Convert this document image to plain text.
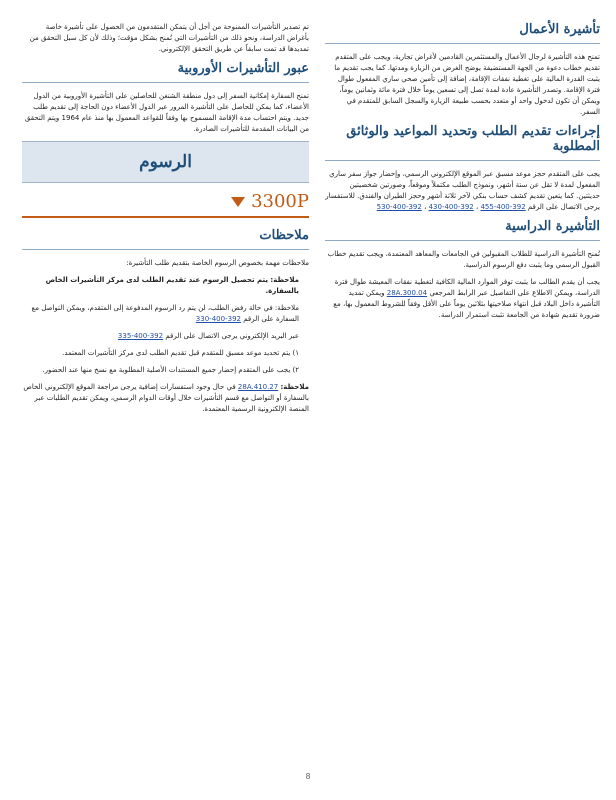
تم تصدير التأشيرات الممنوحة من أجل أن يتمكن المتقدمون من الحصول على تأشيرة خاصة بأغراض الدراسة، ونحو ذلك من التأشيرات التي تُمنح بشكل مؤقت؛ وذلك لأن كل سبل التحقق من تمديدها قد تمت سابقاً عن طريق التحقق الإلكتروني.

عبور التأشيرات الأوروبية

تمنح السفارة إمكانية السفر إلى دول منطقة الشنغن للحاصلين على التأشيرة الأوروبية من الدول الأعضاء، كما يمكن للحاصل على التأشيرة المرور عبر الدول الأعضاء دون الحاجة إلى تقديم طلب جديد. ويتم احتساب مدة الإقامة المسموح بها وفقاً للقواعد المعمول بها منذ عام 1964 ويتم التحقق من البيانات المقدمة للتأشيرات الصادرة.

الرسوم
3300P
ملاحظات

ملاحظات مهمة بخصوص الرسوم الخاصة بتقديم طلب التأشيرة:

ملاحظة: يتم تحصيل الرسوم عند تقديم الطلب لدى مركز التأشيرات الخاص بالسفارة.

ملاحظة: في حالة رفض الطلب، لن يتم رد الرسوم المدفوعة إلى المتقدم، ويمكن التواصل مع السفارة على الرقم 392-400-330

عبر البريد الإلكتروني يرجى الاتصال على الرقم 392-400-335

١) يتم تحديد موعد مسبق للمتقدم قبل تقديم الطلب لدى مركز التأشيرات المعتمد.

٢) يجب على المتقدم إحضار جميع المستندات الأصلية المطلوبة مع نسخ منها عند الحضور.

ملاحظة: 28A.410.27 في حال وجود استفسارات إضافية يرجى مراجعة الموقع الإلكتروني الخاص بالسفارة أو التواصل مع قسم التأشيرات خلال أوقات الدوام الرسمي، ويمكن تقديم الطلبات عبر المنصة الإلكترونية الرسمية المعتمدة.

تأشيرة الأعمال

تمنح هذه التأشيرة لرجال الأعمال والمستثمرين القادمين لأغراض تجارية، ويجب على المتقدم تقديم خطاب دعوة من الجهة المستضيفة يوضح الغرض من الزيارة ومدتها. كما يجب تقديم ما يثبت القدرة المالية على تغطية نفقات الإقامة، إضافة إلى تأمين صحي ساري المفعول طوال فترة الإقامة. وتصدر التأشيرة عادة لمدة تصل إلى تسعين يوماً خلال فترة مائة وثمانين يوماً، ويمكن أن تكون لدخول واحد أو متعدد بحسب طبيعة الزيارة والسجل السابق للمتقدم في السفر.

إجراءات تقديم الطلب وتحديد المواعيد والوثائق المطلوبة

يجب على المتقدم حجز موعد مسبق عبر الموقع الإلكتروني الرسمي، وإحضار جواز سفر ساري المفعول لمدة لا تقل عن ستة أشهر، ونموذج الطلب مكتملاً وموقعاً، وصورتين شخصيتين حديثتين. كما يتعين تقديم كشف حساب بنكي لآخر ثلاثة أشهر وحجز الطيران والفندق. للاستفسار يرجى الاتصال على الرقم 392-400-455 ، 392-400-430 ، 392-400-530

التأشيرة الدراسية

تُمنح التأشيرة الدراسية للطلاب المقبولين في الجامعات والمعاهد المعتمدة، ويجب تقديم خطاب القبول الرسمي وما يثبت دفع الرسوم الدراسية.

يجب أن يقدم الطالب ما يثبت توفر الموارد المالية الكافية لتغطية نفقات المعيشة طوال فترة الدراسة، ويمكن الاطلاع على التفاصيل عبر الرابط المرجعي 28A.300.04 ويمكن تمديد التأشيرة داخل البلاد قبل انتهاء صلاحيتها بثلاثين يوماً على الأقل وفقاً للشروط المعمول بها، مع ضرورة تقديم شهادة من الجامعة تثبت استمرار الدراسة.

8
